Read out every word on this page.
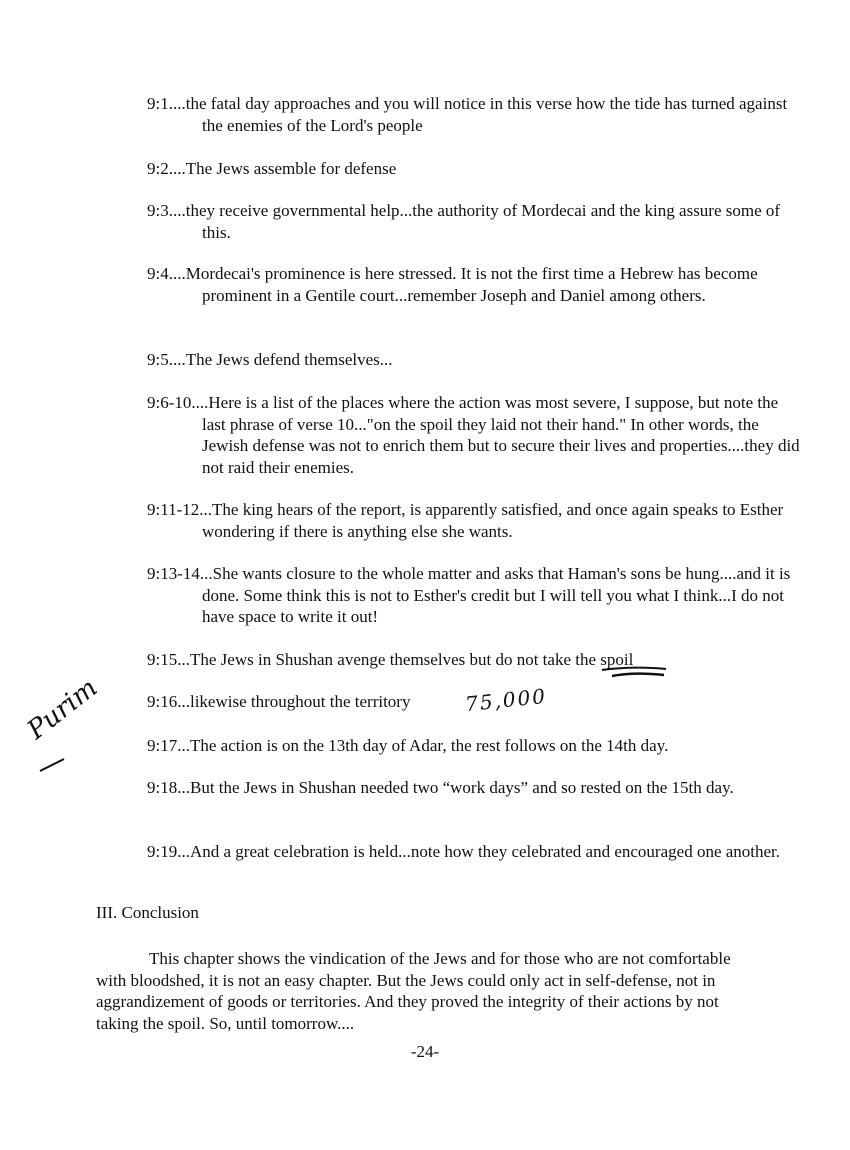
9:1....the fatal day approaches and you will notice in this verse how the tide has turned against the enemies of the Lord's people
9:2....The Jews assemble for defense
9:3....they receive governmental help...the authority of Mordecai and the king assure some of this.
9:4....Mordecai's prominence is here stressed. It is not the first time a Hebrew has become prominent in a Gentile court...remember Joseph and Daniel among others.
9:5....The Jews defend themselves...
9:6-10....Here is a list of the places where the action was most severe, I suppose, but note the last phrase of verse 10..."on the spoil they laid not their hand." In other words, the Jewish defense was not to enrich them but to secure their lives and properties....they did not raid their enemies.
9:11-12...The king hears of the report, is apparently satisfied, and once again speaks to Esther wondering if there is anything else she wants.
9:13-14...She wants closure to the whole matter and asks that Haman's sons be hung....and it is done. Some think this is not to Esther's credit but I will tell you what I think...I do not have space to write it out!
9:15...The Jews in Shushan avenge themselves but do not take the spoil
9:16...likewise throughout the territory
9:17...The action is on the 13th day of Adar, the rest follows on the 14th day.
9:18...But the Jews in Shushan needed two “work days” and so rested on the 15th day.
9:19...And a great celebration is held...note how they celebrated and encouraged one another.
III. Conclusion
This chapter shows the vindication of the Jews and for those who are not comfortable with bloodshed, it is not an easy chapter. But the Jews could only act in self-defense, not in aggrandizement of goods or territories. And they proved the integrity of their actions by not taking the spoil. So, until tomorrow....
-24-
75,000
Purim
